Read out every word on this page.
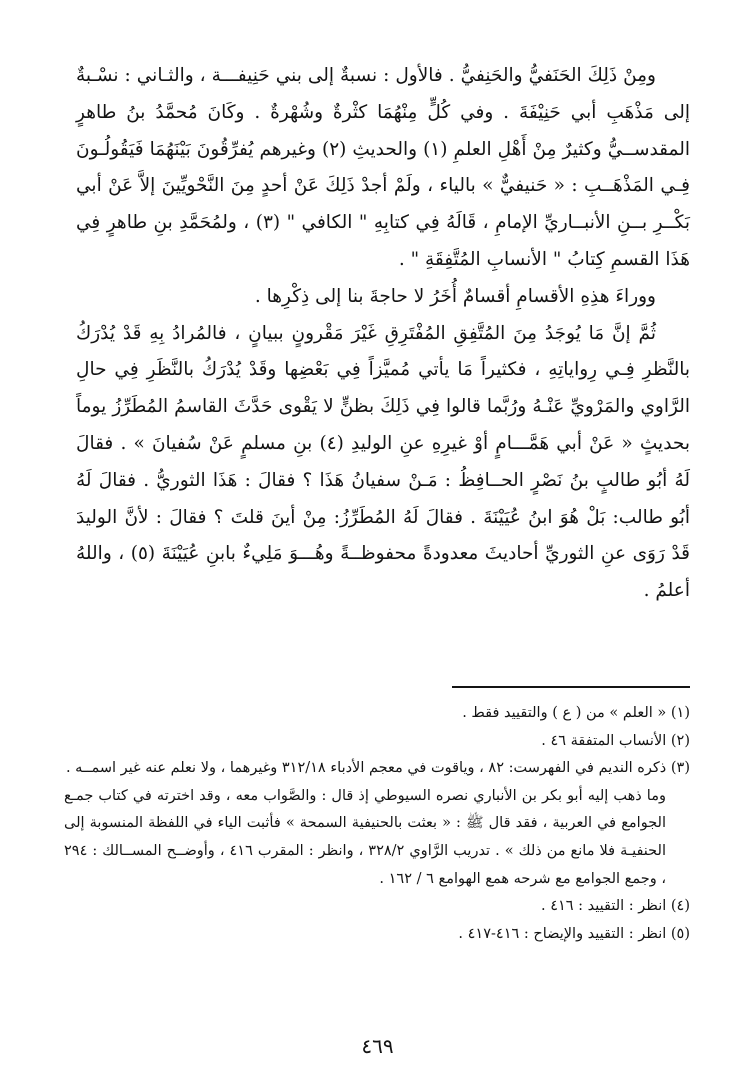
ومِنْ ذَلِكَ الحَنَفيُّ والحَنِفيُّ . فالأول : نسبةٌ إلى بني حَنِيفـــة ، والثـاني : نسْـبةٌ إلى مَذْهَبِ أبي حَنِيْفَةَ . وفي كُلٍّ مِنْهُمَا كثْرةٌ وشُهْرةٌ . وكَانَ مُحمَّدُ بنُ طاهرٍ المقدســيُّ وكثيرٌ مِنْ أَهْلِ العلمِ (١) والحديثِ (٢) وغيرهم يُفرِّقُونَ بَيْنَهُمَا فَيَقُولُـونَ فِـي المَذْهَــبِ : « حَنيفيٌّ » بالياء ، ولَمْ أجدْ ذَلِكَ عَنْ أحدٍ مِنَ النَّحْويِّينَ إلاَّ عَنْ أبي بَكْــرِ بــنِ الأنبــاريِّ الإمامِ ، قَالَهُ فِي كتابِهِ " الكافي " (٣) ، ولمُحَمَّدِ بنِ طاهرٍ فِي هَذَا القسمِ كِتابُ " الأنسابِ المُتَّفِقَةِ " .

ووراءَ هذِهِ الأقسامِ أقسامٌ أُخَرُ لا حاجةَ بنا إلى ذِكْرِها .

ثُمَّ إنَّ مَا يُوجَدُ مِنَ المُتَّفِقِ المُفْتَرِقِ غَيْرَ مَقْرونٍ ببيانٍ ، فالمُرادُ بِهِ قَدْ يُدْرَكُ بالنَّظرِ فِـي رِواياتِهِ ، فكثيراً مَا يأتي مُميَّزاً فِي بَعْضِها وقَدْ يُدْرَكُ بالنَّظَرِ فِي حالِ الرَّاوي والمَرْويِّ عَنْـهُ ورُبَّما قالوا فِي ذَلِكَ بظنٍّ لا يَقْوى حَدَّثَ القاسمُ المُطَرِّزُ يوماً بحديثٍ « عَنْ أبي هَمَّـــامٍ أوْ غيرِهِ عنِ الوليدِ (٤) بنِ مسلمٍ عَنْ سُفيانَ » . فقالَ لَهُ أبُو طالبٍ بنُ نَصْرٍ الحــافِظُ : مَـنْ سفيانُ هَذَا ؟ فقالَ : هَذَا الثوريُّ . فقالَ لَهُ أبُو طالب: بَلْ هُوَ ابنُ عُيَيْنَةَ . فقالَ لَهُ المُطَرِّزُ: مِنْ أينَ قلتَ ؟ فقالَ : لأنَّ الوليدَ قَدْ رَوَى عنِ الثوريِّ أحاديثَ معدودةً محفوظــةً وهُـــوَ مَلِيءٌ بابنِ عُيَيْنَةَ (٥) ، واللهُ أعلمُ .

(١) « العلم » من ( ع ) والتقييد فقط .

(٢) الأنساب المتفقة ٤٦ .

(٣) ذكره النديم في الفهرست: ٨٢ ، وياقوت في معجم الأدباء ٣١٢/١٨ وغيرهما ، ولا نعلم عنه غير اسمــه .

وما ذهب إليه أبو بكر بن الأنباري نصره السيوطي إذ قال : والصَّواب معه ، وقد اخترته في كتاب جمـع الجوامع في العربية ، فقد قال ﷺ : « بعثت بالحنيفية السمحة » فأثبت الياء في اللفظة المنسوبة إلى الحنفيـة فلا مانع من ذلك » . تدريب الرَّاوي ٣٢٨/٢ ، وانظر : المقرب ٤١٦ ، وأوضــح المســالك : ٢٩٤ ، وجمع الجوامع مع شرحه همع الهوامع ٦ / ١٦٢ .

(٤) انظر : التقييد : ٤١٦ .

(٥) انظر : التقييد والإيضاح : ٤١٦-٤١٧ .

٤٦٩
